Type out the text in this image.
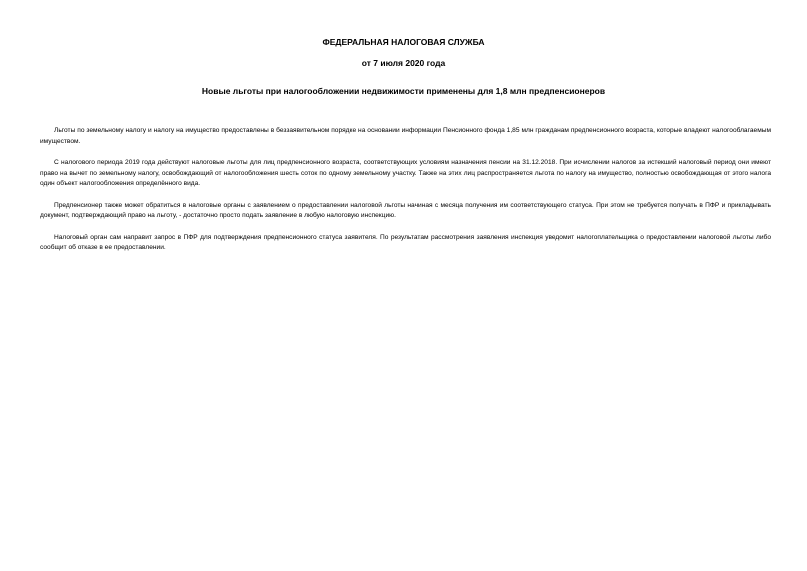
ФЕДЕРАЛЬНАЯ НАЛОГОВАЯ СЛУЖБА
от 7 июля 2020 года
Новые льготы при налогообложении недвижимости применены для 1,8 млн предпенсионеров

Льготы по земельному налогу и налогу на имущество предоставлены в беззаявительном порядке на основании информации Пенсионного фонда 1,85 млн гражданам предпенсионного возраста, которые владеют налогооблагаемым имуществом.

С налогового периода 2019 года действуют налоговые льготы для лиц предпенсионного возраста, соответствующих условиям назначения пенсии на 31.12.2018. При исчислении налогов за истекший налоговый период они имеют право на вычет по земельному налогу, освобождающий от налогообложения шесть соток по одному земельному участку. Также на этих лиц распространяется льгота по налогу на имущество, полностью освобождающая от этого налога один объект налогообложения определённого вида.

Предпенсионер также может обратиться в налоговые органы с заявлением о предоставлении налоговой льготы начиная с месяца получения им соответствующего статуса. При этом не требуется получать в ПФР и прикладывать документ, подтверждающий право на льготу, - достаточно просто подать заявление в любую налоговую инспекцию.

Налоговый орган сам направит запрос в ПФР для подтверждения предпенсионного статуса заявителя. По результатам рассмотрения заявления инспекция уведомит налогоплательщика о предоставлении налоговой льготы либо сообщит об отказе в ее предоставлении.
